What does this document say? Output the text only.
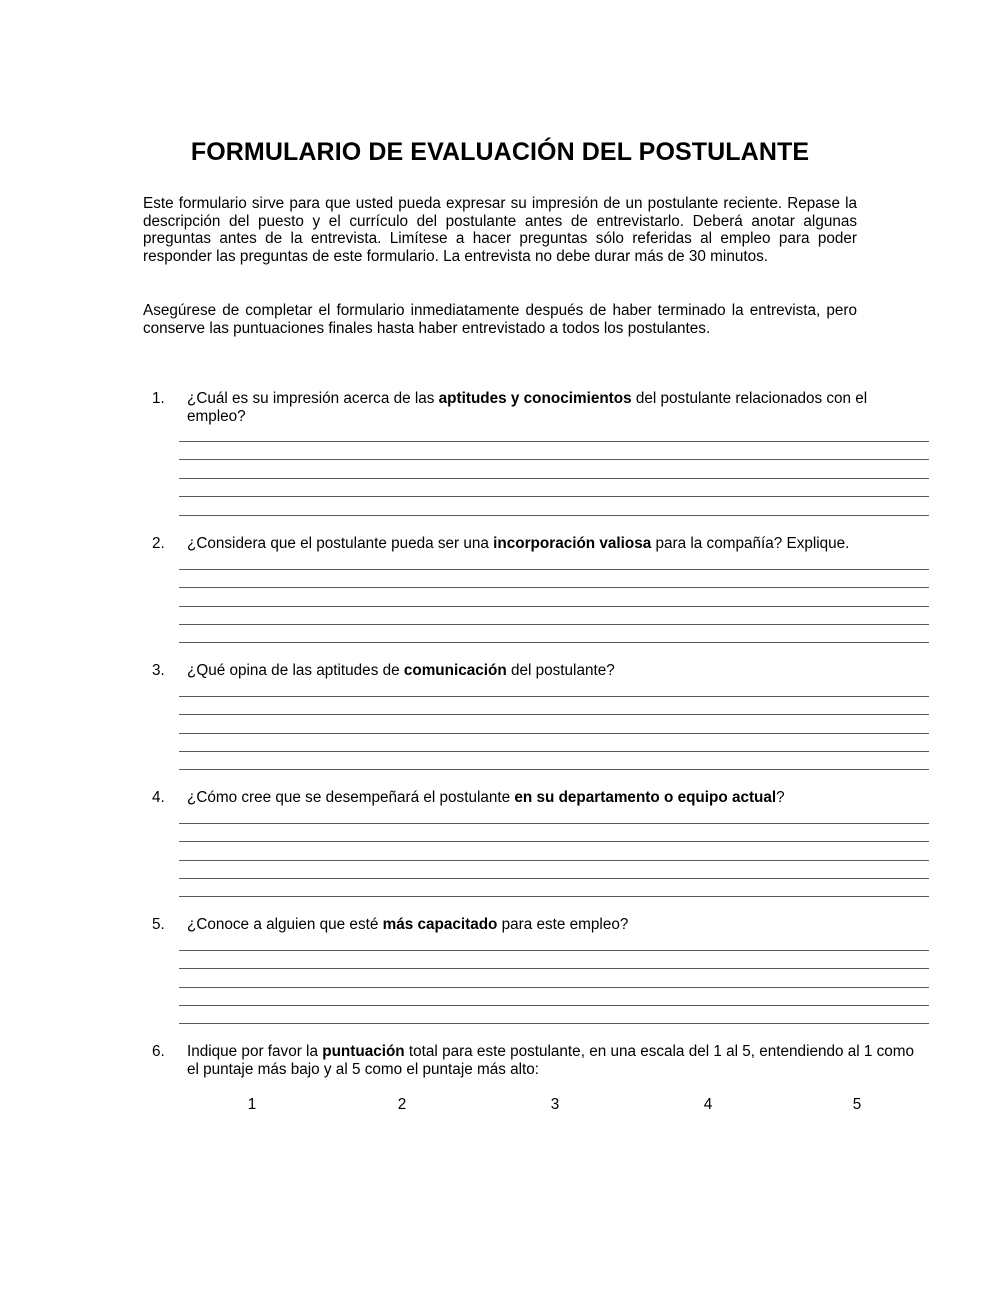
FORMULARIO DE EVALUACIÓN DEL POSTULANTE

Este formulario sirve para que usted pueda expresar su impresión de un postulante reciente. Repase la descripción del puesto y el currículo del postulante antes de entrevistarlo. Deberá anotar algunas preguntas antes de la entrevista. Limítese a hacer preguntas sólo referidas al empleo para poder responder las preguntas de este formulario. La entrevista no debe durar más de 30 minutos.

Asegúrese de completar el formulario inmediatamente después de haber terminado la entrevista, pero conserve las puntuaciones finales hasta haber entrevistado a todos los postulantes.

1. ¿Cuál es su impresión acerca de las aptitudes y conocimientos del postulante relacionados con el empleo?
2. ¿Considera que el postulante pueda ser una incorporación valiosa para la compañía? Explique.
3. ¿Qué opina de las aptitudes de comunicación del postulante?
4. ¿Cómo cree que se desempeñará el postulante en su departamento o equipo actual?
5. ¿Conoce a alguien que esté más capacitado para este empleo?
6. Indique por favor la puntuación total para este postulante, en una escala del 1 al 5, entendiendo al 1 como el puntaje más bajo y al 5 como el puntaje más alto:
1	2	3	4	5
